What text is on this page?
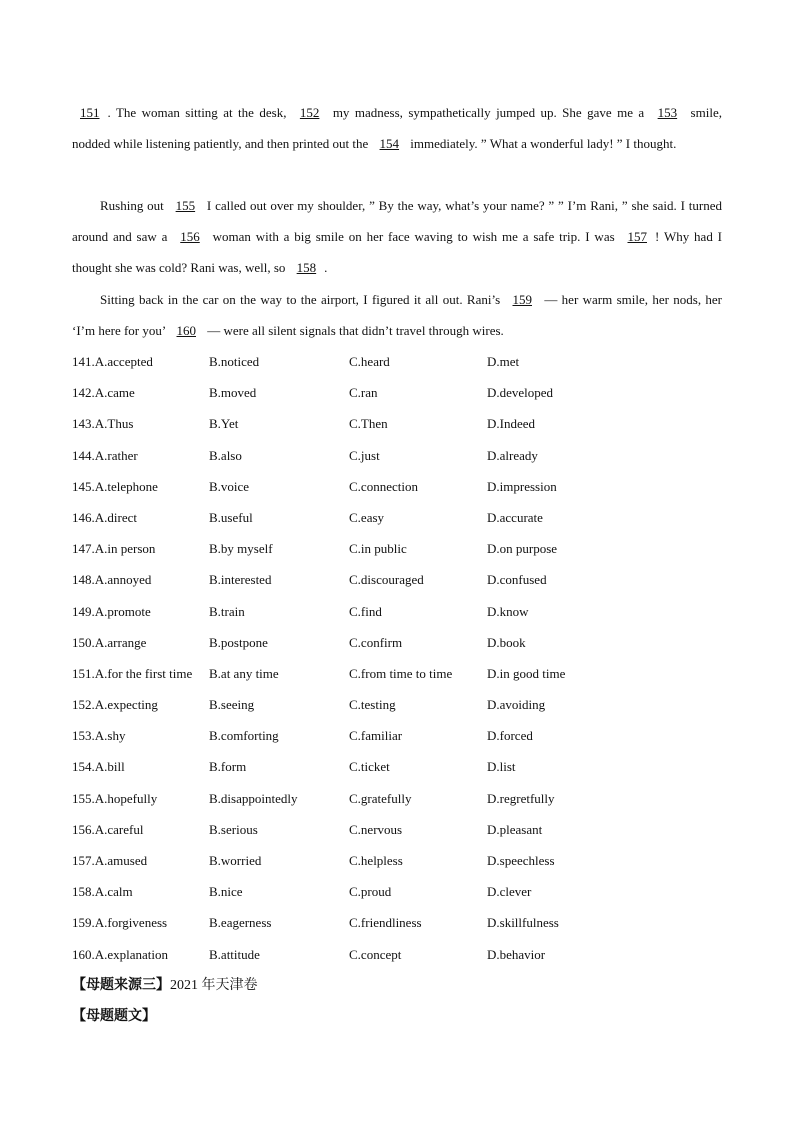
151 . The woman sitting at the desk, 152 my madness, sympathetically jumped up. She gave me a 153 smile, nodded while listening patiently, and then printed out the 154 immediately. ” What a wonderful lady! ” I thought.

Rushing out 155 I called out over my shoulder, ” By the way, what’s your name? ” ” I’m Rani, ” she said. I turned around and saw a 156 woman with a big smile on her face waving to wish me a safe trip. I was 157 ! Why had I thought she was cold? Rani was, well, so 158 .

Sitting back in the car on the way to the airport, I figured it all out. Rani’s 159 — her warm smile, her nods, her ‘I’m here for you’ 160 — were all silent signals that didn’t travel through wires.

141.A.accepted	B.noticed	C.heard	D.met
142.A.came	B.moved	C.ran	D.developed
143.A.Thus	B.Yet	C.Then	D.Indeed
144.A.rather	B.also	C.just	D.already
145.A.telephone	B.voice	C.connection	D.impression
146.A.direct	B.useful	C.easy	D.accurate
147.A.in person	B.by myself	C.in public	D.on purpose
148.A.annoyed	B.interested	C.discouraged	D.confused
149.A.promote	B.train	C.find	D.know
150.A.arrange	B.postpone	C.confirm	D.book
151.A.for the first time B.at any time	C.from time to time	D.in good time
152.A.expecting	B.seeing	C.testing	D.avoiding
153.A.shy	B.comforting	C.familiar	D.forced
154.A.bill	B.form	C.ticket	D.list
155.A.hopefully	B.disappointedly	C.gratefully	D.regretfully
156.A.careful	B.serious	C.nervous	D.pleasant
157.A.amused	B.worried	C.helpless	D.speechless
158.A.calm	B.nice	C.proud	D.clever
159.A.forgiveness	B.eagerness	C.friendliness	D.skillfulness
160.A.explanation	B.attitude	C.concept	D.behavior
【母题来源三】2021 年天津卷
【母题题文】
